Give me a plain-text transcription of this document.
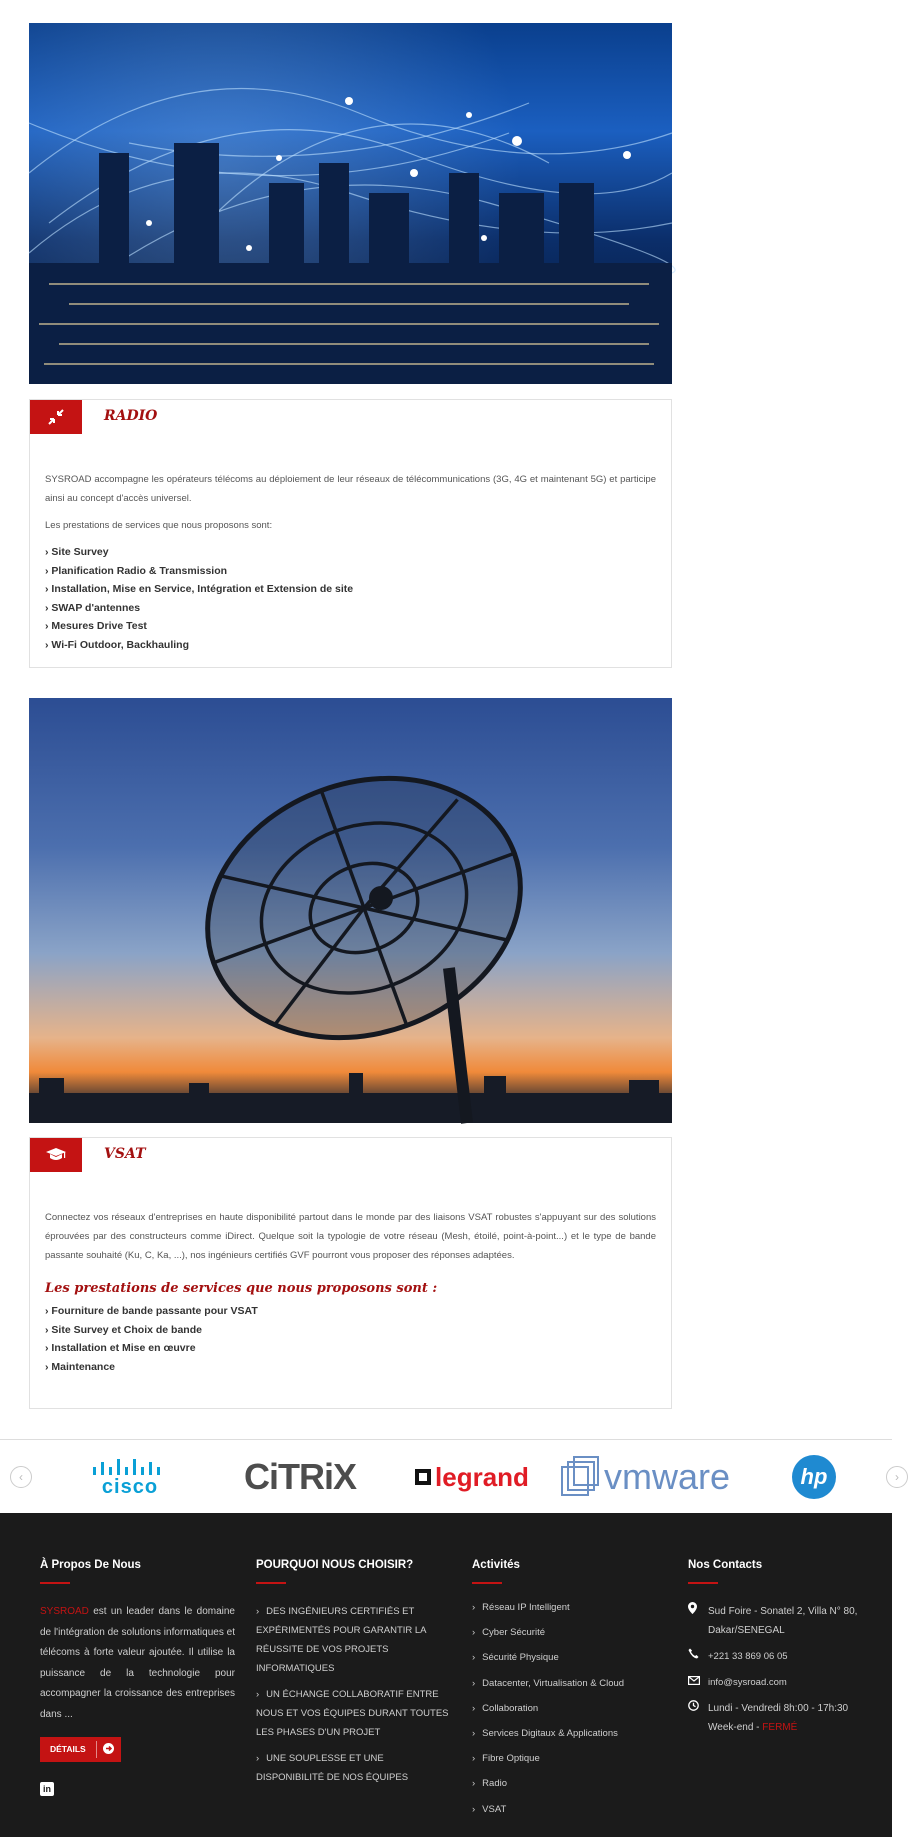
RADIO

SYSROAD accompagne les opérateurs télécoms au déploiement de leur réseaux de télécommunications (3G, 4G et maintenant 5G) et participe ainsi au concept d'accès universel.

Les prestations de services que nous proposons sont:

› Site Survey
› Planification Radio & Transmission
› Installation, Mise en Service, Intégration et Extension de site
› SWAP d'antennes
› Mesures Drive Test
› Wi-Fi Outdoor, Backhauling
VSAT

Connectez vos réseaux d'entreprises en haute disponibilité partout dans le monde par des liaisons VSAT robustes s'appuyant sur des solutions éprouvées par des constructeurs comme iDirect. Quelque soit la typologie de votre réseau (Mesh, étoilé, point-à-point...) et le type de bande passante souhaité (Ku, C, Ka, ...), nos ingénieurs certifiés GVF pourront vous proposer des réponses adaptées.

Les prestations de services que nous proposons sont :
› Fourniture de bande passante pour VSAT
› Site Survey et Choix de bande
› Installation et Mise en œuvre
› Maintenance
‹	cisco CiTRiX	legrand vmware	hp	›
À Propos De Nous
SYSROAD est un leader dans le domaine de l'intégration de solutions informatiques et télécoms à forte valeur ajoutée. Il utilise la puissance de la technologie pour accompagner la croissance des entreprises dans ...
DÉTAILS
in
POURQUOI NOUS CHOISIR?
› DES INGÉNIEURS CERTIFIÉS ET EXPÉRIMENTÉS POUR GARANTIR LA RÉUSSITE DE VOS PROJETS INFORMATIQUES
› UN ÉCHANGE COLLABORATIF ENTRE NOUS ET VOS ÉQUIPES DURANT TOUTES LES PHASES D'UN PROJET
› UNE SOUPLESSE ET UNE DISPONIBILITÉ DE NOS ÉQUIPES
Activités
› Réseau IP Intelligent
› Cyber Sécurité
› Sécurité Physique
› Datacenter, Virtualisation & Cloud
› Collaboration
› Services Digitaux & Applications
› Fibre Optique
› Radio
› VSAT
Nos Contacts
Sud Foire - Sonatel 2, Villa N° 80, Dakar/SENEGAL
+221 33 869 06 05
info@sysroad.com
Lundi - Vendredi 8h:00 - 17h:30
Week-end - FERMÉ
